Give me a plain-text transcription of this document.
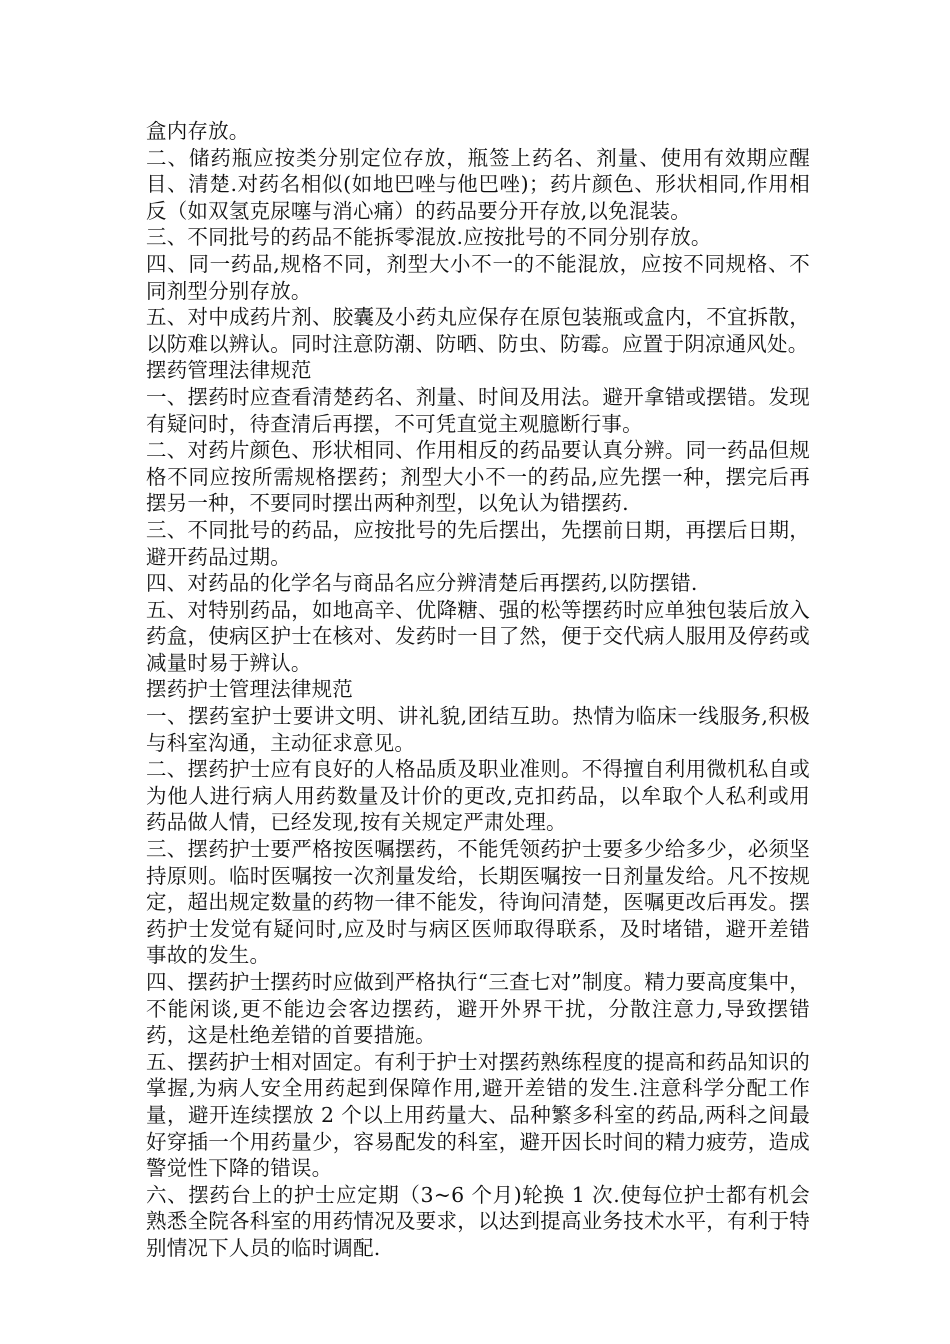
盒内存放。

二、储药瓶应按类分别定位存放，瓶签上药名、剂量、使用有效期应醒目、清楚.对药名相似(如地巴唑与他巴唑)；药片颜色、形状相同,作用相反（如双氢克尿噻与消心痛）的药品要分开存放,以免混装。

三、不同批号的药品不能拆零混放.应按批号的不同分别存放。

四、同一药品,规格不同，剂型大小不一的不能混放，应按不同规格、不同剂型分别存放。

五、对中成药片剂、胶囊及小药丸应保存在原包装瓶或盒内，不宜拆散，以防难以辨认。同时注意防潮、防晒、防虫、防霉。应置于阴凉通风处。

摆药管理法律规范

一、摆药时应查看清楚药名、剂量、时间及用法。避开拿错或摆错。发现有疑问时，待查清后再摆，不可凭直觉主观臆断行事。

二、对药片颜色、形状相同、作用相反的药品要认真分辨。同一药品但规格不同应按所需规格摆药；剂型大小不一的药品,应先摆一种，摆完后再摆另一种，不要同时摆出两种剂型，以免认为错摆药.

三、不同批号的药品，应按批号的先后摆出，先摆前日期，再摆后日期，避开药品过期。

四、对药品的化学名与商品名应分辨清楚后再摆药,以防摆错.

五、对特别药品，如地高辛、优降糖、强的松等摆药时应单独包装后放入药盒，使病区护士在核对、发药时一目了然，便于交代病人服用及停药或减量时易于辨认。

摆药护士管理法律规范

一、摆药室护士要讲文明、讲礼貌,团结互助。热情为临床一线服务,积极与科室沟通，主动征求意见。

二、摆药护士应有良好的人格品质及职业准则。不得擅自利用微机私自或为他人进行病人用药数量及计价的更改,克扣药品，以牟取个人私利或用药品做人情，已经发现,按有关规定严肃处理。

三、摆药护士要严格按医嘱摆药，不能凭领药护士要多少给多少，必须坚持原则。临时医嘱按一次剂量发给，长期医嘱按一日剂量发给。凡不按规定，超出规定数量的药物一律不能发，待询问清楚，医嘱更改后再发。摆药护士发觉有疑问时,应及时与病区医师取得联系，及时堵错，避开差错事故的发生。

四、摆药护士摆药时应做到严格执行“三查七对”制度。精力要高度集中，不能闲谈,更不能边会客边摆药，避开外界干扰，分散注意力,导致摆错药，这是杜绝差错的首要措施。

五、摆药护士相对固定。有利于护士对摆药熟练程度的提高和药品知识的掌握,为病人安全用药起到保障作用,避开差错的发生.注意科学分配工作量，避开连续摆放 2 个以上用药量大、品种繁多科室的药品,两科之间最好穿插一个用药量少，容易配发的科室，避开因长时间的精力疲劳，造成警觉性下降的错误。

六、摆药台上的护士应定期（3~6 个月)轮换 1 次.使每位护士都有机会熟悉全院各科室的用药情况及要求，以达到提高业务技术水平，有利于特别情况下人员的临时调配.
